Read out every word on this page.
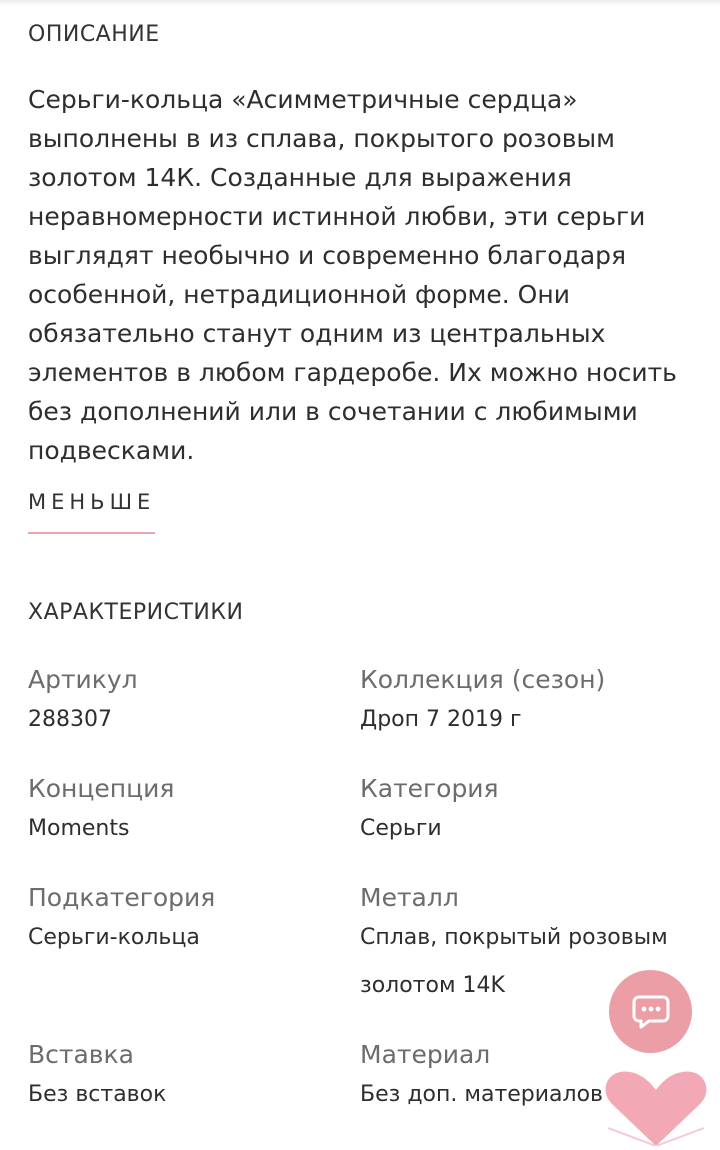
ОПИСАНИЕ

Серьги-кольца «Асимметричные сердца» выполнены в из сплава, покрытого розовым золотом 14К. Созданные для выражения неравномерности истинной любви, эти серьги выглядят необычно и современно благодаря особенной, нетрадиционной форме. Они обязательно станут одним из центральных элементов в любом гардеробе. Их можно носить без дополнений или в сочетании с любимыми подвесками.

МЕНЬШЕ
ХАРАКТЕРИСТИКИ
Артикул
288307
Коллекция (сезон)
Дроп 7 2019 г
Концепция
Moments
Категория
Серьги
Подкатегория
Серьги-кольца
Металл
Сплав, покрытый розовым золотом 14K
Вставка
Без вставок
Материал
Без доп. материалов
